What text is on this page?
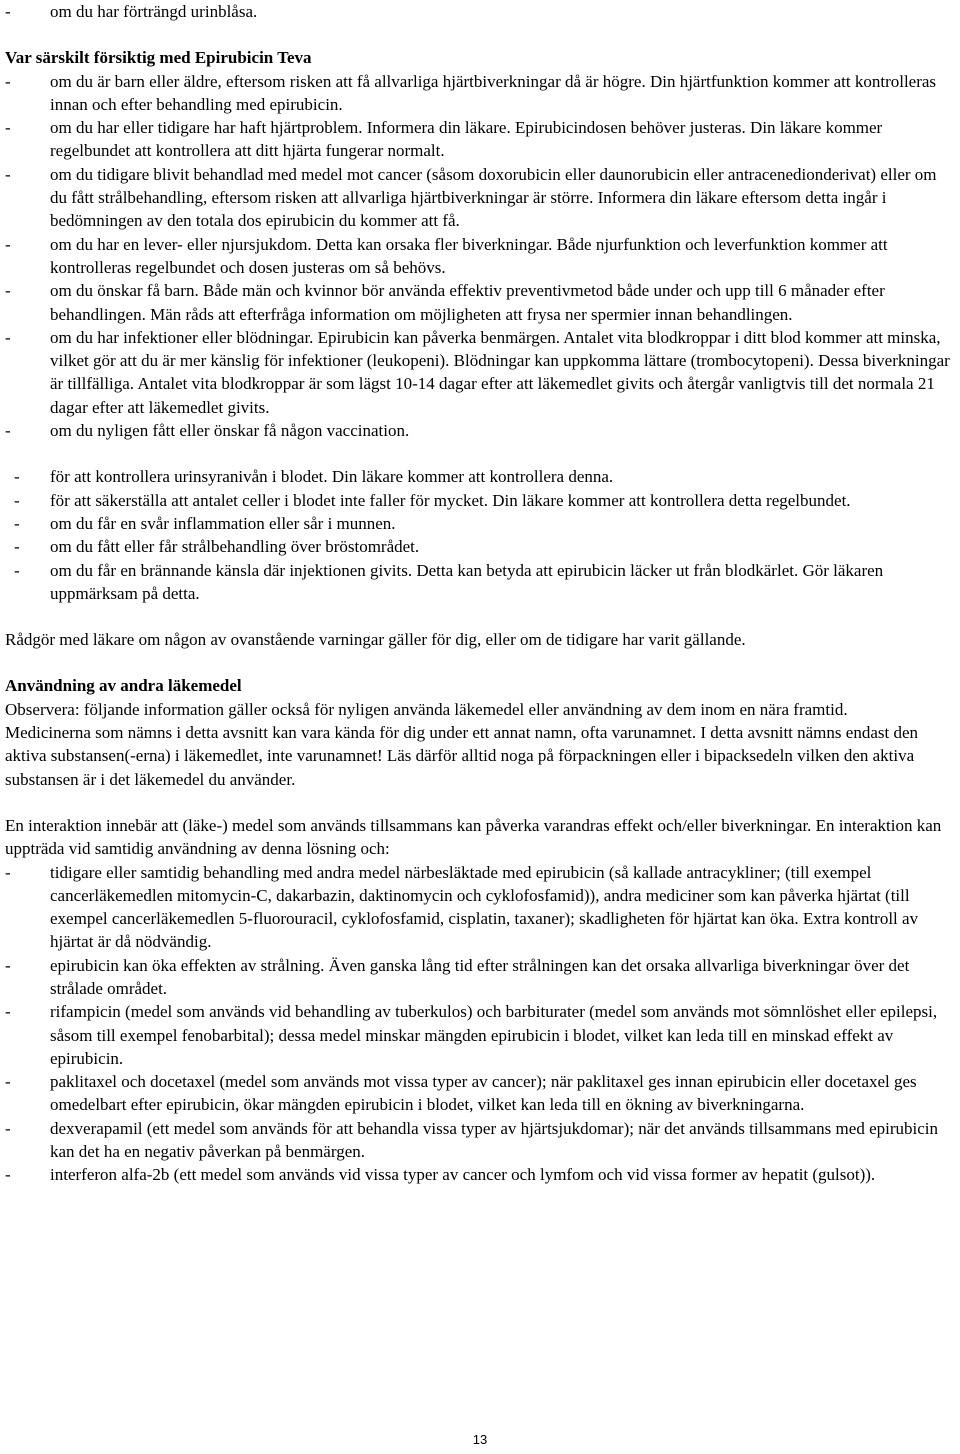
- om du har förträngd urinblåsa.
Var särskilt försiktig med Epirubicin Teva
- om du är barn eller äldre, eftersom risken att få allvarliga hjärtbiverkningar då är högre. Din hjärtfunktion kommer att kontrolleras innan och efter behandling med epirubicin.
- om du har eller tidigare har haft hjärtproblem. Informera din läkare. Epirubicindosen behöver justeras. Din läkare kommer regelbundet att kontrollera att ditt hjärta fungerar normalt.
- om du tidigare blivit behandlad med medel mot cancer (såsom doxorubicin eller daunorubicin eller antracenedionderivat) eller om du fått strålbehandling, eftersom risken att allvarliga hjärtbiverkningar är större. Informera din läkare eftersom detta ingår i bedömningen av den totala dos epirubicin du kommer att få.
- om du har en lever- eller njursjukdom. Detta kan orsaka fler biverkningar. Både njurfunktion och leverfunktion kommer att kontrolleras regelbundet och dosen justeras om så behövs.
- om du önskar få barn. Både män och kvinnor bör använda effektiv preventivmetod både under och upp till 6 månader efter behandlingen. Män råds att efterfråga information om möjligheten att frysa ner spermier innan behandlingen.
- om du har infektioner eller blödningar. Epirubicin kan påverka benmärgen. Antalet vita blodkroppar i ditt blod kommer att minska, vilket gör att du är mer känslig för infektioner (leukopeni). Blödningar kan uppkomma lättare (trombocytopeni). Dessa biverkningar är tillfälliga. Antalet vita blodkroppar är som lägst 10-14 dagar efter att läkemedlet givits och återgår vanligtvis till det normala 21 dagar efter att läkemedlet givits.
- om du nyligen fått eller önskar få någon vaccination.
- för att kontrollera urinsyranivån i blodet. Din läkare kommer att kontrollera denna.
- för att säkerställa att antalet celler i blodet inte faller för mycket. Din läkare kommer att kontrollera detta regelbundet.
- om du får en svår inflammation eller sår i munnen.
- om du fått eller får strålbehandling över bröstområdet.
- om du får en brännande känsla där injektionen givits. Detta kan betyda att epirubicin läcker ut från blodkärlet. Gör läkaren uppmärksam på detta.

Rådgör med läkare om någon av ovanstående varningar gäller för dig, eller om de tidigare har varit gällande.

Användning av andra läkemedel

Observera: följande information gäller också för nyligen använda läkemedel eller användning av dem inom en nära framtid.

Medicinerna som nämns i detta avsnitt kan vara kända för dig under ett annat namn, ofta varunamnet. I detta avsnitt nämns endast den aktiva substansen(-erna) i läkemedlet, inte varunamnet! Läs därför alltid noga på förpackningen eller i bipacksedeln vilken den aktiva substansen är i det läkemedel du använder.

En interaktion innebär att (läke-) medel som används tillsammans kan påverka varandras effekt och/eller biverkningar. En interaktion kan uppträda vid samtidig användning av denna lösning och:

- tidigare eller samtidig behandling med andra medel närbesläktade med epirubicin (så kallade antracykliner; (till exempel cancerläkemedlen mitomycin-C, dakarbazin, daktinomycin och cyklofosfamid)), andra mediciner som kan påverka hjärtat (till exempel cancerläkemedlen 5-fluorouracil, cyklofosfamid, cisplatin, taxaner); skadligheten för hjärtat kan öka. Extra kontroll av hjärtat är då nödvändig.
- epirubicin kan öka effekten av strålning. Även ganska lång tid efter strålningen kan det orsaka allvarliga biverkningar över det strålade området.
- rifampicin (medel som används vid behandling av tuberkulos) och barbiturater (medel som används mot sömnlöshet eller epilepsi, såsom till exempel fenobarbital); dessa medel minskar mängden epirubicin i blodet, vilket kan leda till en minskad effekt av epirubicin.
- paklitaxel och docetaxel (medel som används mot vissa typer av cancer); när paklitaxel ges innan epirubicin eller docetaxel ges omedelbart efter epirubicin, ökar mängden epirubicin i blodet, vilket kan leda till en ökning av biverkningarna.
- dexverapamil (ett medel som används för att behandla vissa typer av hjärtsjukdomar); när det används tillsammans med epirubicin kan det ha en negativ påverkan på benmärgen.
- interferon alfa-2b (ett medel som används vid vissa typer av cancer och lymfom och vid vissa former av hepatit (gulsot)).
13
